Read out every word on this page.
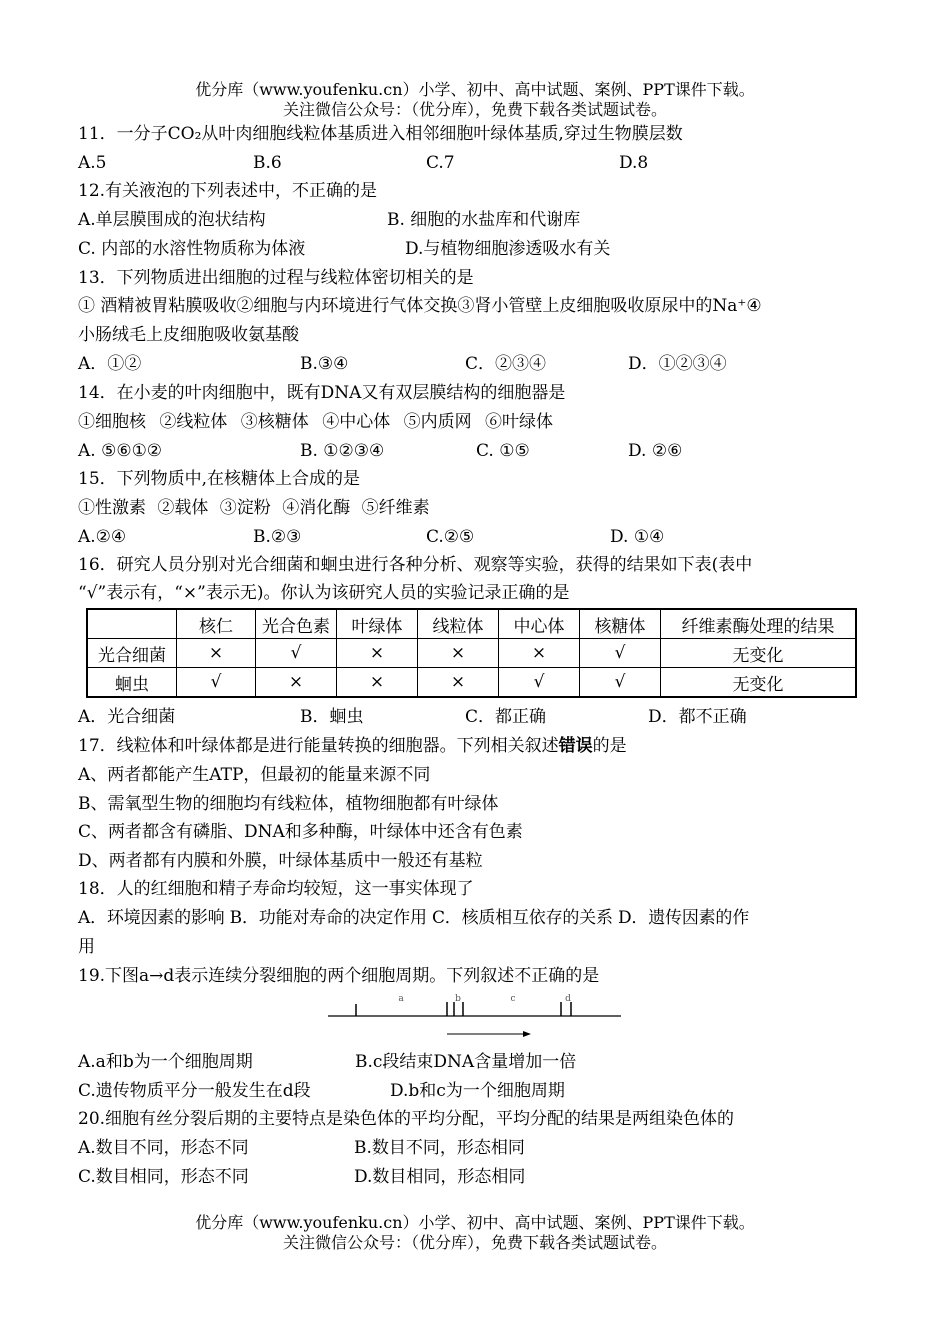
优分库（www.youfenku.cn）小学、初中、高中试题、案例、PPT课件下载。
关注微信公众号：（优分库），免费下载各类试题试卷。
11．一分子CO₂从叶肉细胞线粒体基质进入相邻细胞叶绿体基质,穿过生物膜层数
A.5	B.6	C.7	D.8
12.有关液泡的下列表述中，不正确的是
A.单层膜围成的泡状结构	B. 细胞的水盐库和代谢库
C. 内部的水溶性物质称为体液	D.与植物细胞渗透吸水有关
13．下列物质进出细胞的过程与线粒体密切相关的是
① 酒精被胃粘膜吸收②细胞与内环境进行气体交换③肾小管壁上皮细胞吸收原尿中的Na⁺④
小肠绒毛上皮细胞吸收氨基酸
A．①②	B.③④	C．②③④	D．①②③④
14．在小麦的叶肉细胞中，既有DNA又有双层膜结构的细胞器是
①细胞核 ②线粒体 ③核糖体 ④中心体 ⑤内质网 ⑥叶绿体
A. ⑤⑥①②	B. ①②③④	C. ①⑤	D. ②⑥
15．下列物质中,在核糖体上合成的是
①性激素 ②载体 ③淀粉 ④消化酶 ⑤纤维素
A.②④	B.②③	C.②⑤	D. ①④
16．研究人员分别对光合细菌和蛔虫进行各种分析、观察等实验，获得的结果如下表(表中
“√”表示有，“×”表示无)。你认为该研究人员的实验记录正确的是
	核仁	光合色素	叶绿体	线粒体	中心体	核糖体	纤维素酶处理的结果
光合细菌	×	√	×	×	×	√	无变化
蛔虫	√	×	×	×	√	√	无变化
A．光合细菌	B．蛔虫	C．都正确	D．都不正确
17．线粒体和叶绿体都是进行能量转换的细胞器。下列相关叙述错误的是
A、两者都能产生ATP，但最初的能量来源不同
B、需氧型生物的细胞均有线粒体，植物细胞都有叶绿体
C、两者都含有磷脂、DNA和多种酶，叶绿体中还含有色素
D、两者都有内膜和外膜，叶绿体基质中一般还有基粒
18．人的红细胞和精子寿命均较短，这一事实体现了
A．环境因素的影响 B．功能对寿命的决定作用 C．核质相互依存的关系 D．遗传因素的作
用
19.下图a→d表示连续分裂细胞的两个细胞周期。下列叙述不正确的是
a	b	c	d
A.a和b为一个细胞周期	B.c段结束DNA含量增加一倍
C.遗传物质平分一般发生在d段	D.b和c为一个细胞周期
20.细胞有丝分裂后期的主要特点是染色体的平均分配，平均分配的结果是两组染色体的
A.数目不同，形态不同	B.数目不同，形态相同
C.数目相同，形态不同	D.数目相同，形态相同
优分库（www.youfenku.cn）小学、初中、高中试题、案例、PPT课件下载。
关注微信公众号：（优分库），免费下载各类试题试卷。
